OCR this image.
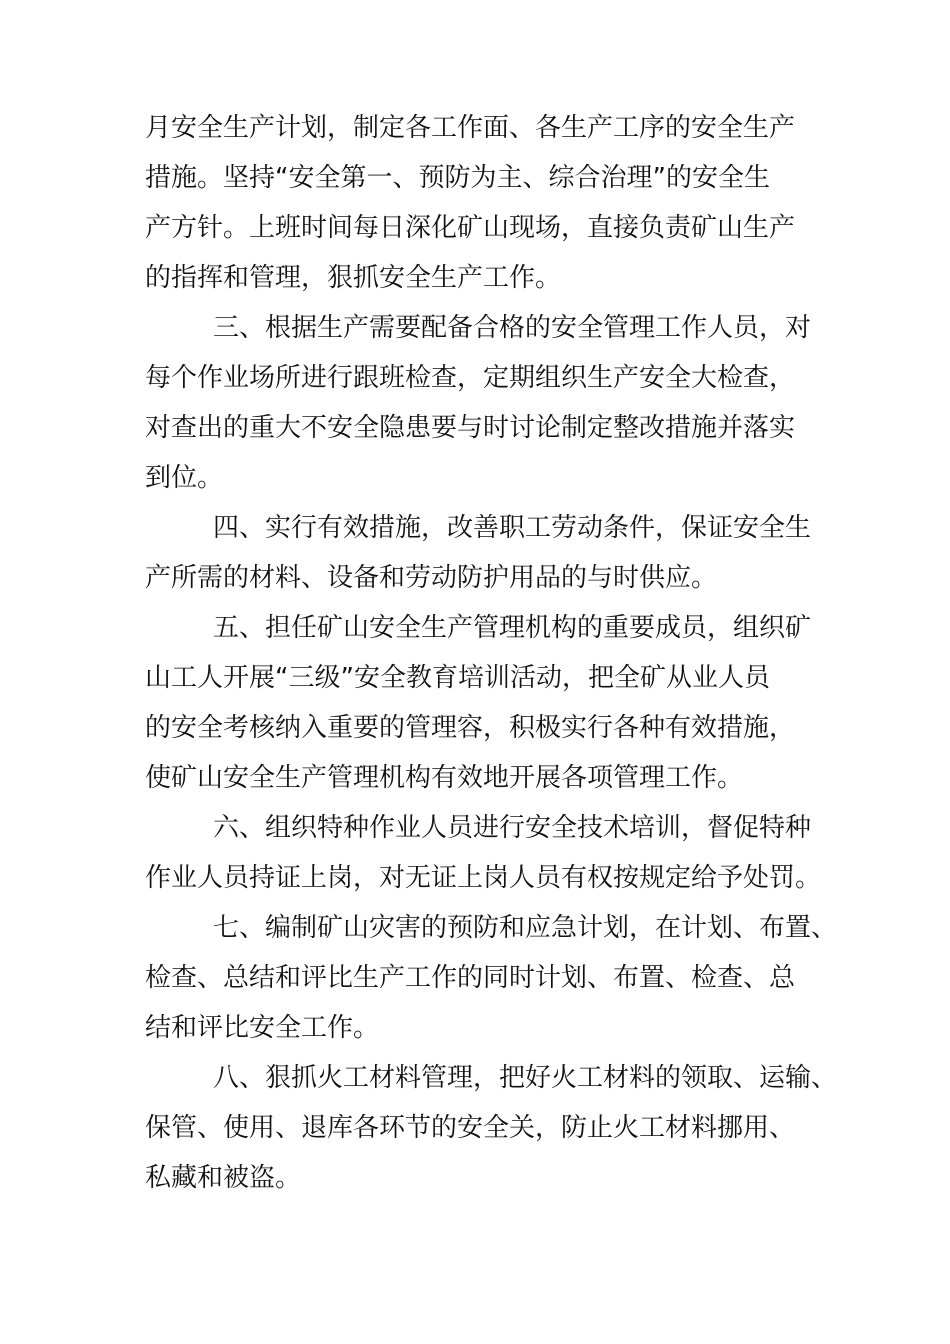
月安全生产计划，制定各工作面、各生产工序的安全生产
措施。坚持“安全第一、预防为主、综合治理”的安全生
产方针。上班时间每日深化矿山现场，直接负责矿山生产
的指挥和管理，狠抓安全生产工作。
三、根据生产需要配备合格的安全管理工作人员，对
每个作业场所进行跟班检查，定期组织生产安全大检查，
对查出的重大不安全隐患要与时讨论制定整改措施并落实
到位。
四、实行有效措施，改善职工劳动条件，保证安全生
产所需的材料、设备和劳动防护用品的与时供应。
五、担任矿山安全生产管理机构的重要成员，组织矿
山工人开展“三级”安全教育培训活动，把全矿从业人员
的安全考核纳入重要的管理容，积极实行各种有效措施，
使矿山安全生产管理机构有效地开展各项管理工作。
六、组织特种作业人员进行安全技术培训，督促特种
作业人员持证上岗，对无证上岗人员有权按规定给予处罚。
七、编制矿山灾害的预防和应急计划，在计划、布置、
检查、总结和评比生产工作的同时计划、布置、检查、总
结和评比安全工作。
八、狠抓火工材料管理，把好火工材料的领取、运输、
保管、使用、退库各环节的安全关，防止火工材料挪用、
私藏和被盗。
